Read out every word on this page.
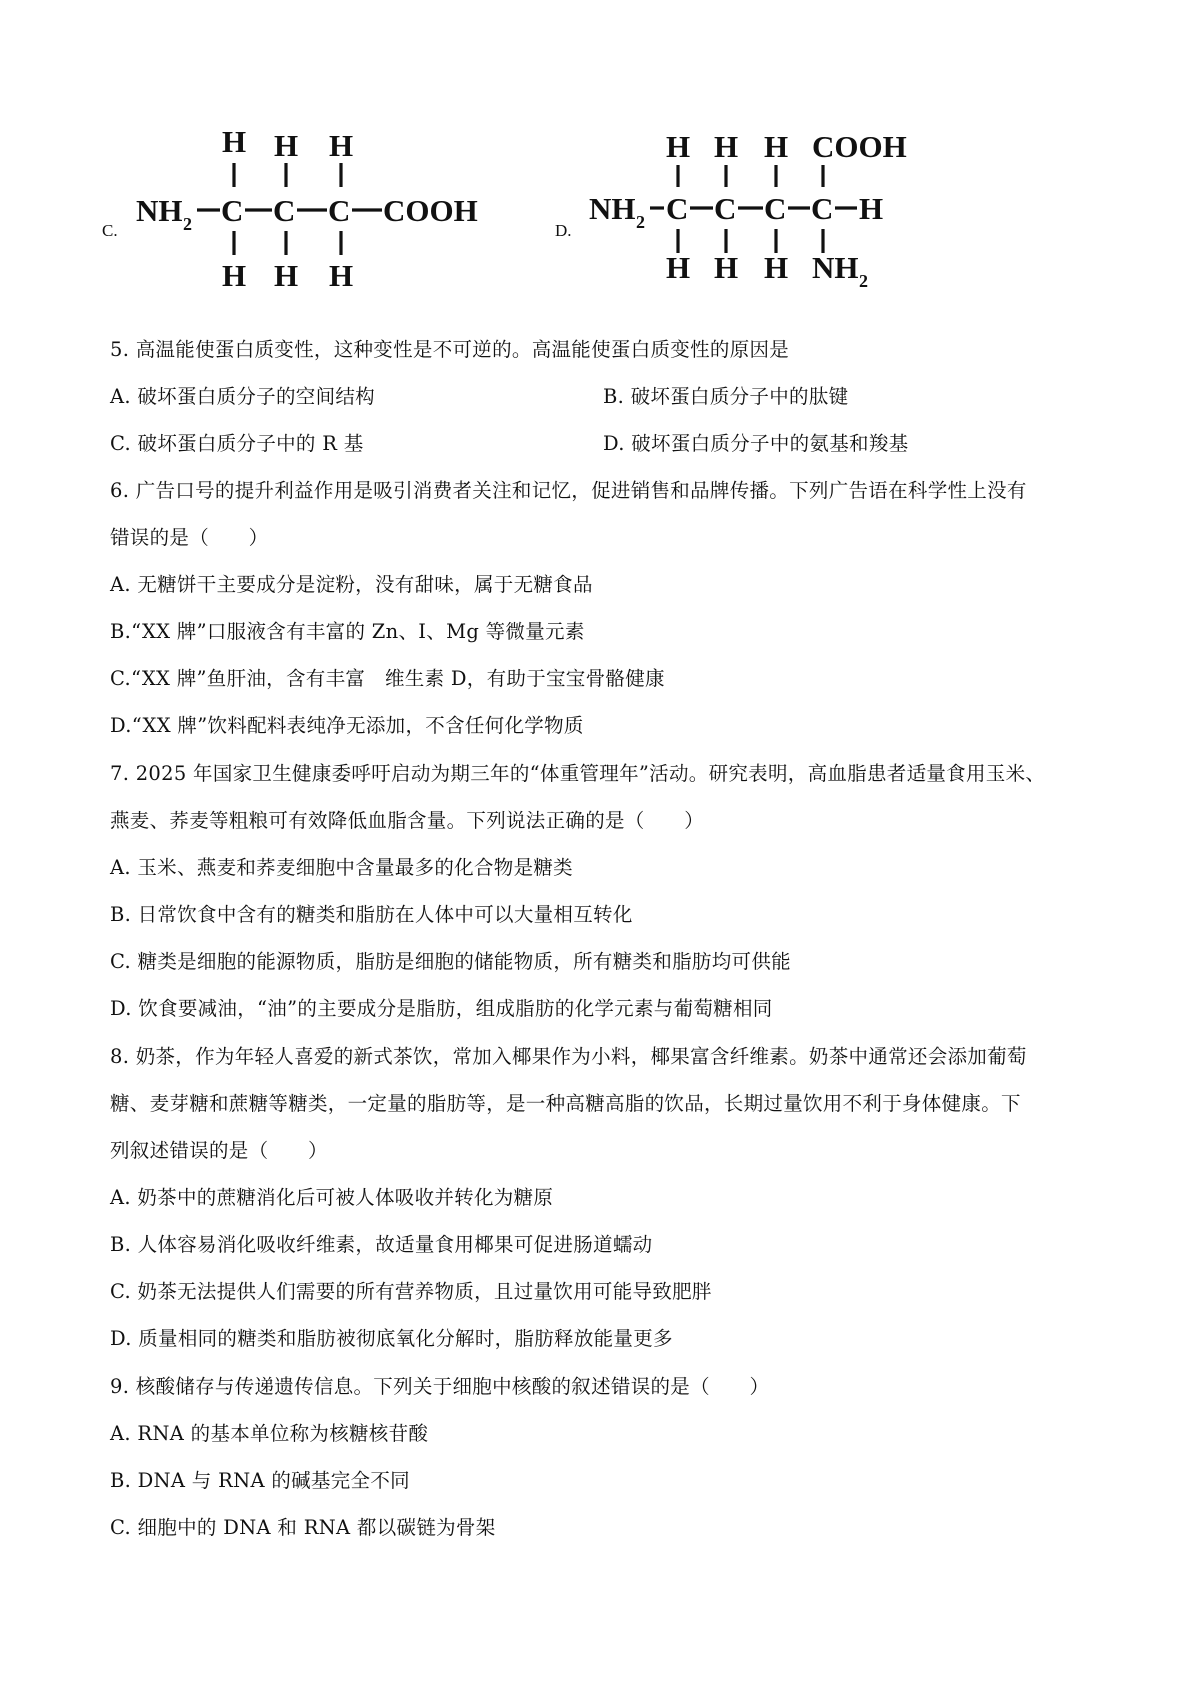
C.
NH 2 C C C COOH
H H H
H H H
D.
NH 2 C C C C H
H H H COOH
H H H NH 2
5. 高温能使蛋白质变性，这种变性是不可逆的。高温能使蛋白质变性的原因是
A. 破坏蛋白质分子的空间结构	B. 破坏蛋白质分子中的肽键
C. 破坏蛋白质分子中的 R 基	D. 破坏蛋白质分子中的氨基和羧基
6. 广告口号的提升利益作用是吸引消费者关注和记忆，促进销售和品牌传播。下列广告语在科学性上没有
错误的是（　　）
A. 无糖饼干主要成分是淀粉，没有甜味，属于无糖食品
B.“XX 牌”口服液含有丰富的 Zn、I、Mg 等微量元素
C.“XX 牌”鱼肝油，含有丰富　维生素 D，有助于宝宝骨骼健康
D.“XX 牌”饮料配料表纯净无添加，不含任何化学物质
7. 2025 年国家卫生健康委呼吁启动为期三年的“体重管理年”活动。研究表明，高血脂患者适量食用玉米、
燕麦、荞麦等粗粮可有效降低血脂含量。下列说法正确的是（　　）
A. 玉米、燕麦和荞麦细胞中含量最多的化合物是糖类
B. 日常饮食中含有的糖类和脂肪在人体中可以大量相互转化
C. 糖类是细胞的能源物质，脂肪是细胞的储能物质，所有糖类和脂肪均可供能
D. 饮食要减油，“油”的主要成分是脂肪，组成脂肪的化学元素与葡萄糖相同
8. 奶茶，作为年轻人喜爱的新式茶饮，常加入椰果作为小料，椰果富含纤维素。奶茶中通常还会添加葡萄
糖、麦芽糖和蔗糖等糖类，一定量的脂肪等，是一种高糖高脂的饮品，长期过量饮用不利于身体健康。下
列叙述错误的是（　　）
A. 奶茶中的蔗糖消化后可被人体吸收并转化为糖原
B. 人体容易消化吸收纤维素，故适量食用椰果可促进肠道蠕动
C. 奶茶无法提供人们需要的所有营养物质，且过量饮用可能导致肥胖
D. 质量相同的糖类和脂肪被彻底氧化分解时，脂肪释放能量更多
9. 核酸储存与传递遗传信息。下列关于细胞中核酸的叙述错误的是（　　）
A. RNA 的基本单位称为核糖核苷酸
B. DNA 与 RNA 的碱基完全不同
C. 细胞中的 DNA 和 RNA 都以碳链为骨架
